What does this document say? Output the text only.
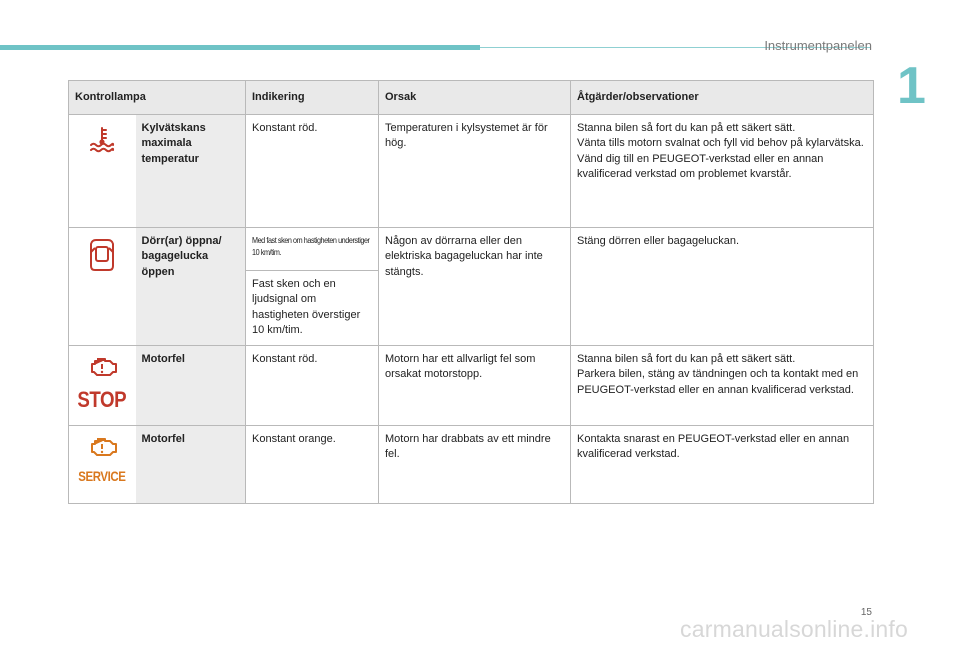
Instrumentpanelen
1
Kontrollampa		Indikering	Orsak	Åtgärder/observationer
	Kylvätskans maximala temperatur	Konstant röd.	Temperaturen i kylsystemet är för hög.	Stanna bilen så fort du kan på ett säkert sätt.
Vänta tills motorn svalnat och fyll vid behov på kylarvätska.
Vänd dig till en PEUGEOT-verkstad eller en annan kvalificerad verkstad om problemet kvarstår.
	Dörr(ar) öppna/ bagagelucka öppen	Med fast sken om hastigheten understiger 10 km/tim.	Någon av dörrarna eller den elektriska bagageluckan har inte stängts.	Stäng dörren eller bagageluckan.
		Fast sken och en ljudsignal om hastigheten överstiger 10 km/tim.		

STOP	Motorfel	Konstant röd.	Motorn har ett allvarligt fel som orsakat motorstopp.	Stanna bilen så fort du kan på ett säkert sätt.
Parkera bilen, stäng av tändningen och ta kontakt med en PEUGEOT-verkstad eller en annan kvalificerad verkstad.

SERVICE	Motorfel	Konstant orange.	Motorn har drabbats av ett mindre fel.	Kontakta snarast en PEUGEOT-verkstad eller en annan kvalificerad verkstad.
15
carmanualsonline.info
